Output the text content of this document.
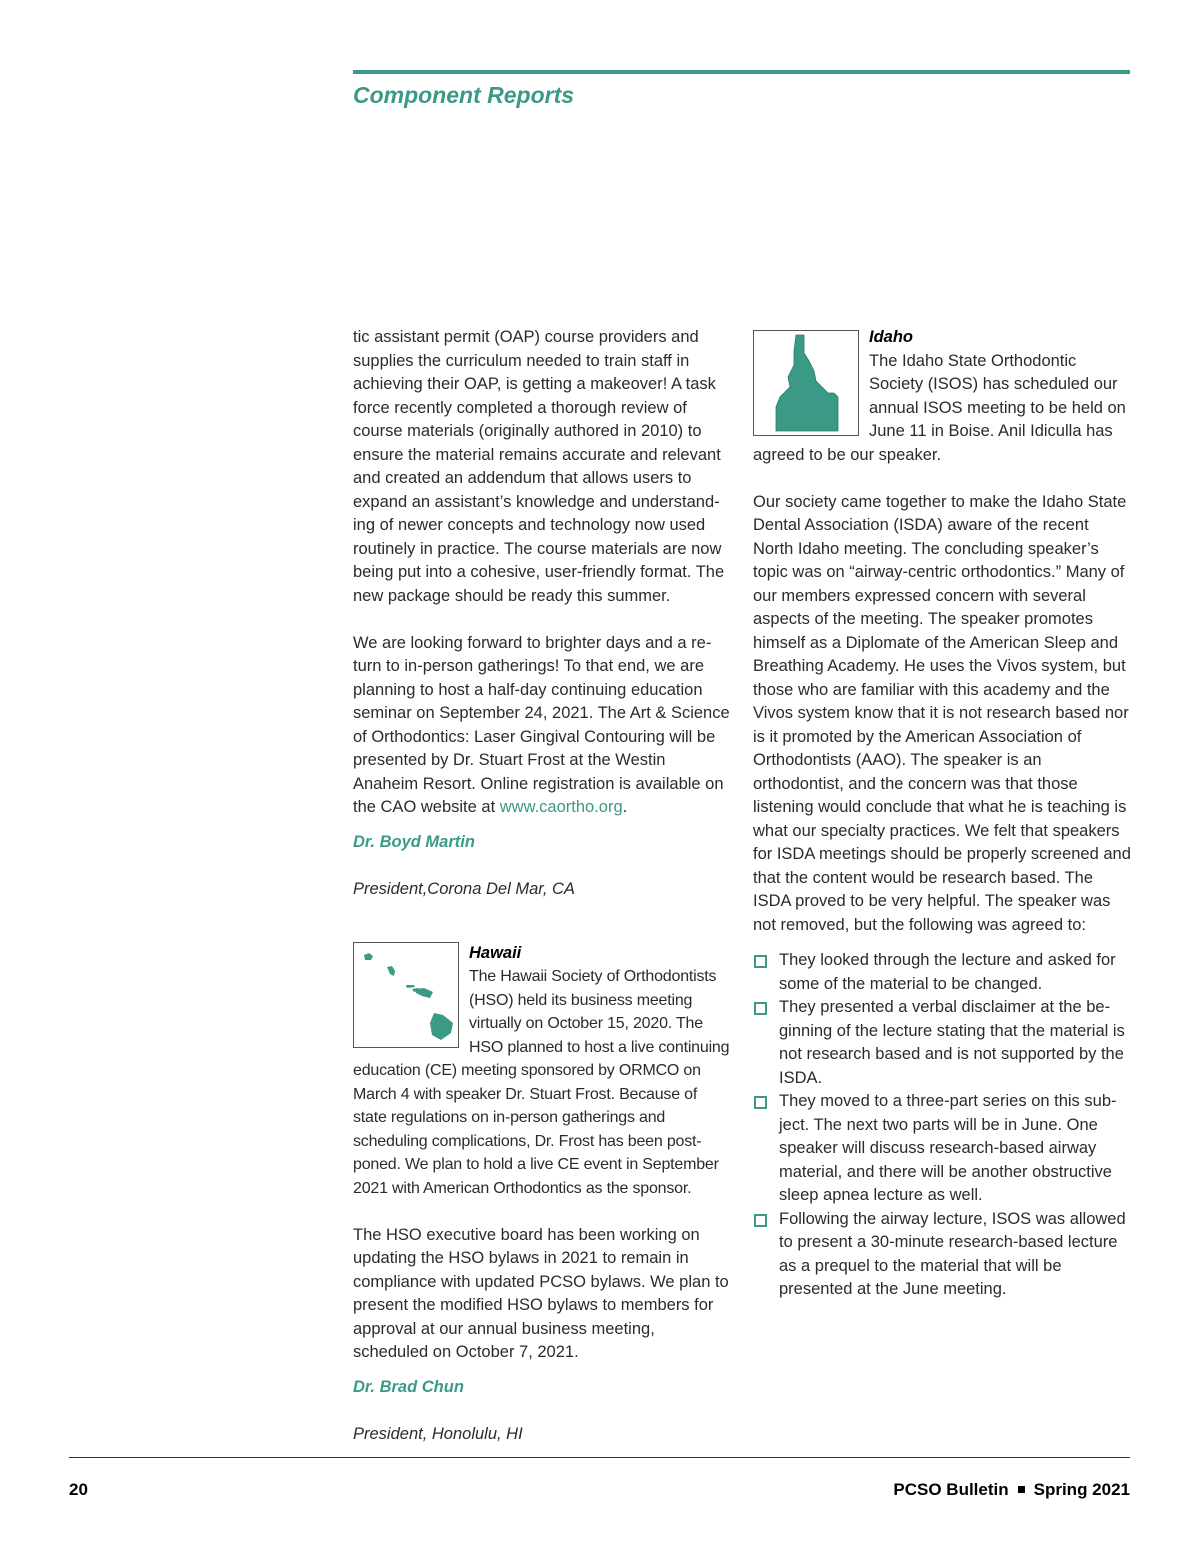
Component Reports

tic assistant permit (OAP) course providers and supplies the curriculum needed to train staff in achieving their OAP, is getting a makeover! A task force recently completed a thorough review of course materials (originally authored in 2010) to ensure the material remains accurate and relevant and created an addendum that allows users to expand an assistant’s knowledge and understanding of newer concepts and technology now used routinely in practice. The course materials are now being put into a cohesive, user-friendly format. The new package should be ready this summer.

We are looking forward to brighter days and a return to in-person gatherings! To that end, we are planning to host a half-day continuing education seminar on September 24, 2021. The Art & Science of Orthodontics: Laser Gingival Contouring will be presented by Dr. Stuart Frost at the Westin Anaheim Resort. Online registration is available on the CAO website at www.caortho.org.

Dr. Boyd Martin

President,Corona Del Mar, CA

Hawaii

The Hawaii Society of Orthodontists (HSO) held its business meeting virtually on October 15, 2020. The HSO planned to host a live continuing education (CE) meeting sponsored by ORMCO on March 4 with speaker Dr. Stuart Frost. Because of state regulations on in-person gatherings and scheduling complications, Dr. Frost has been postponed. We plan to hold a live CE event in September 2021 with American Orthodontics as the sponsor.

The HSO executive board has been working on updating the HSO bylaws in 2021 to remain in compliance with updated PCSO bylaws. We plan to present the modified HSO bylaws to members for approval at our annual business meeting, scheduled on October 7, 2021.

Dr. Brad Chun

President, Honolulu, HI

Idaho

The Idaho State Orthodontic Society (ISOS) has scheduled our annual ISOS meeting to be held on June 11 in Boise. Anil Idiculla has agreed to be our speaker.

Our society came together to make the Idaho State Dental Association (ISDA) aware of the recent North Idaho meeting. The concluding speaker’s topic was on “airway-centric orthodontics.” Many of our members expressed concern with several aspects of the meeting. The speaker promotes himself as a Diplomate of the American Sleep and Breathing Academy. He uses the Vivos system, but those who are familiar with this academy and the Vivos system know that it is not research based nor is it promoted by the American Association of Orthodontists (AAO). The speaker is an orthodontist, and the concern was that those listening would conclude that what he is teaching is what our specialty practices. We felt that speakers for ISDA meetings should be properly screened and that the content would be research based. The ISDA proved to be very helpful. The speaker was not removed, but the following was agreed to:

They looked through the lecture and asked for some of the material to be changed.
They presented a verbal disclaimer at the beginning of the lecture stating that the material is not research based and is not supported by the ISDA.
They moved to a three-part series on this subject. The next two parts will be in June. One speaker will discuss research-based airway material, and there will be another obstructive sleep apnea lecture as well.
Following the airway lecture, ISOS was allowed to present a 30-minute research-based lecture as a prequel to the material that will be presented at the June meeting.
20	PCSO Bulletin Spring 2021
